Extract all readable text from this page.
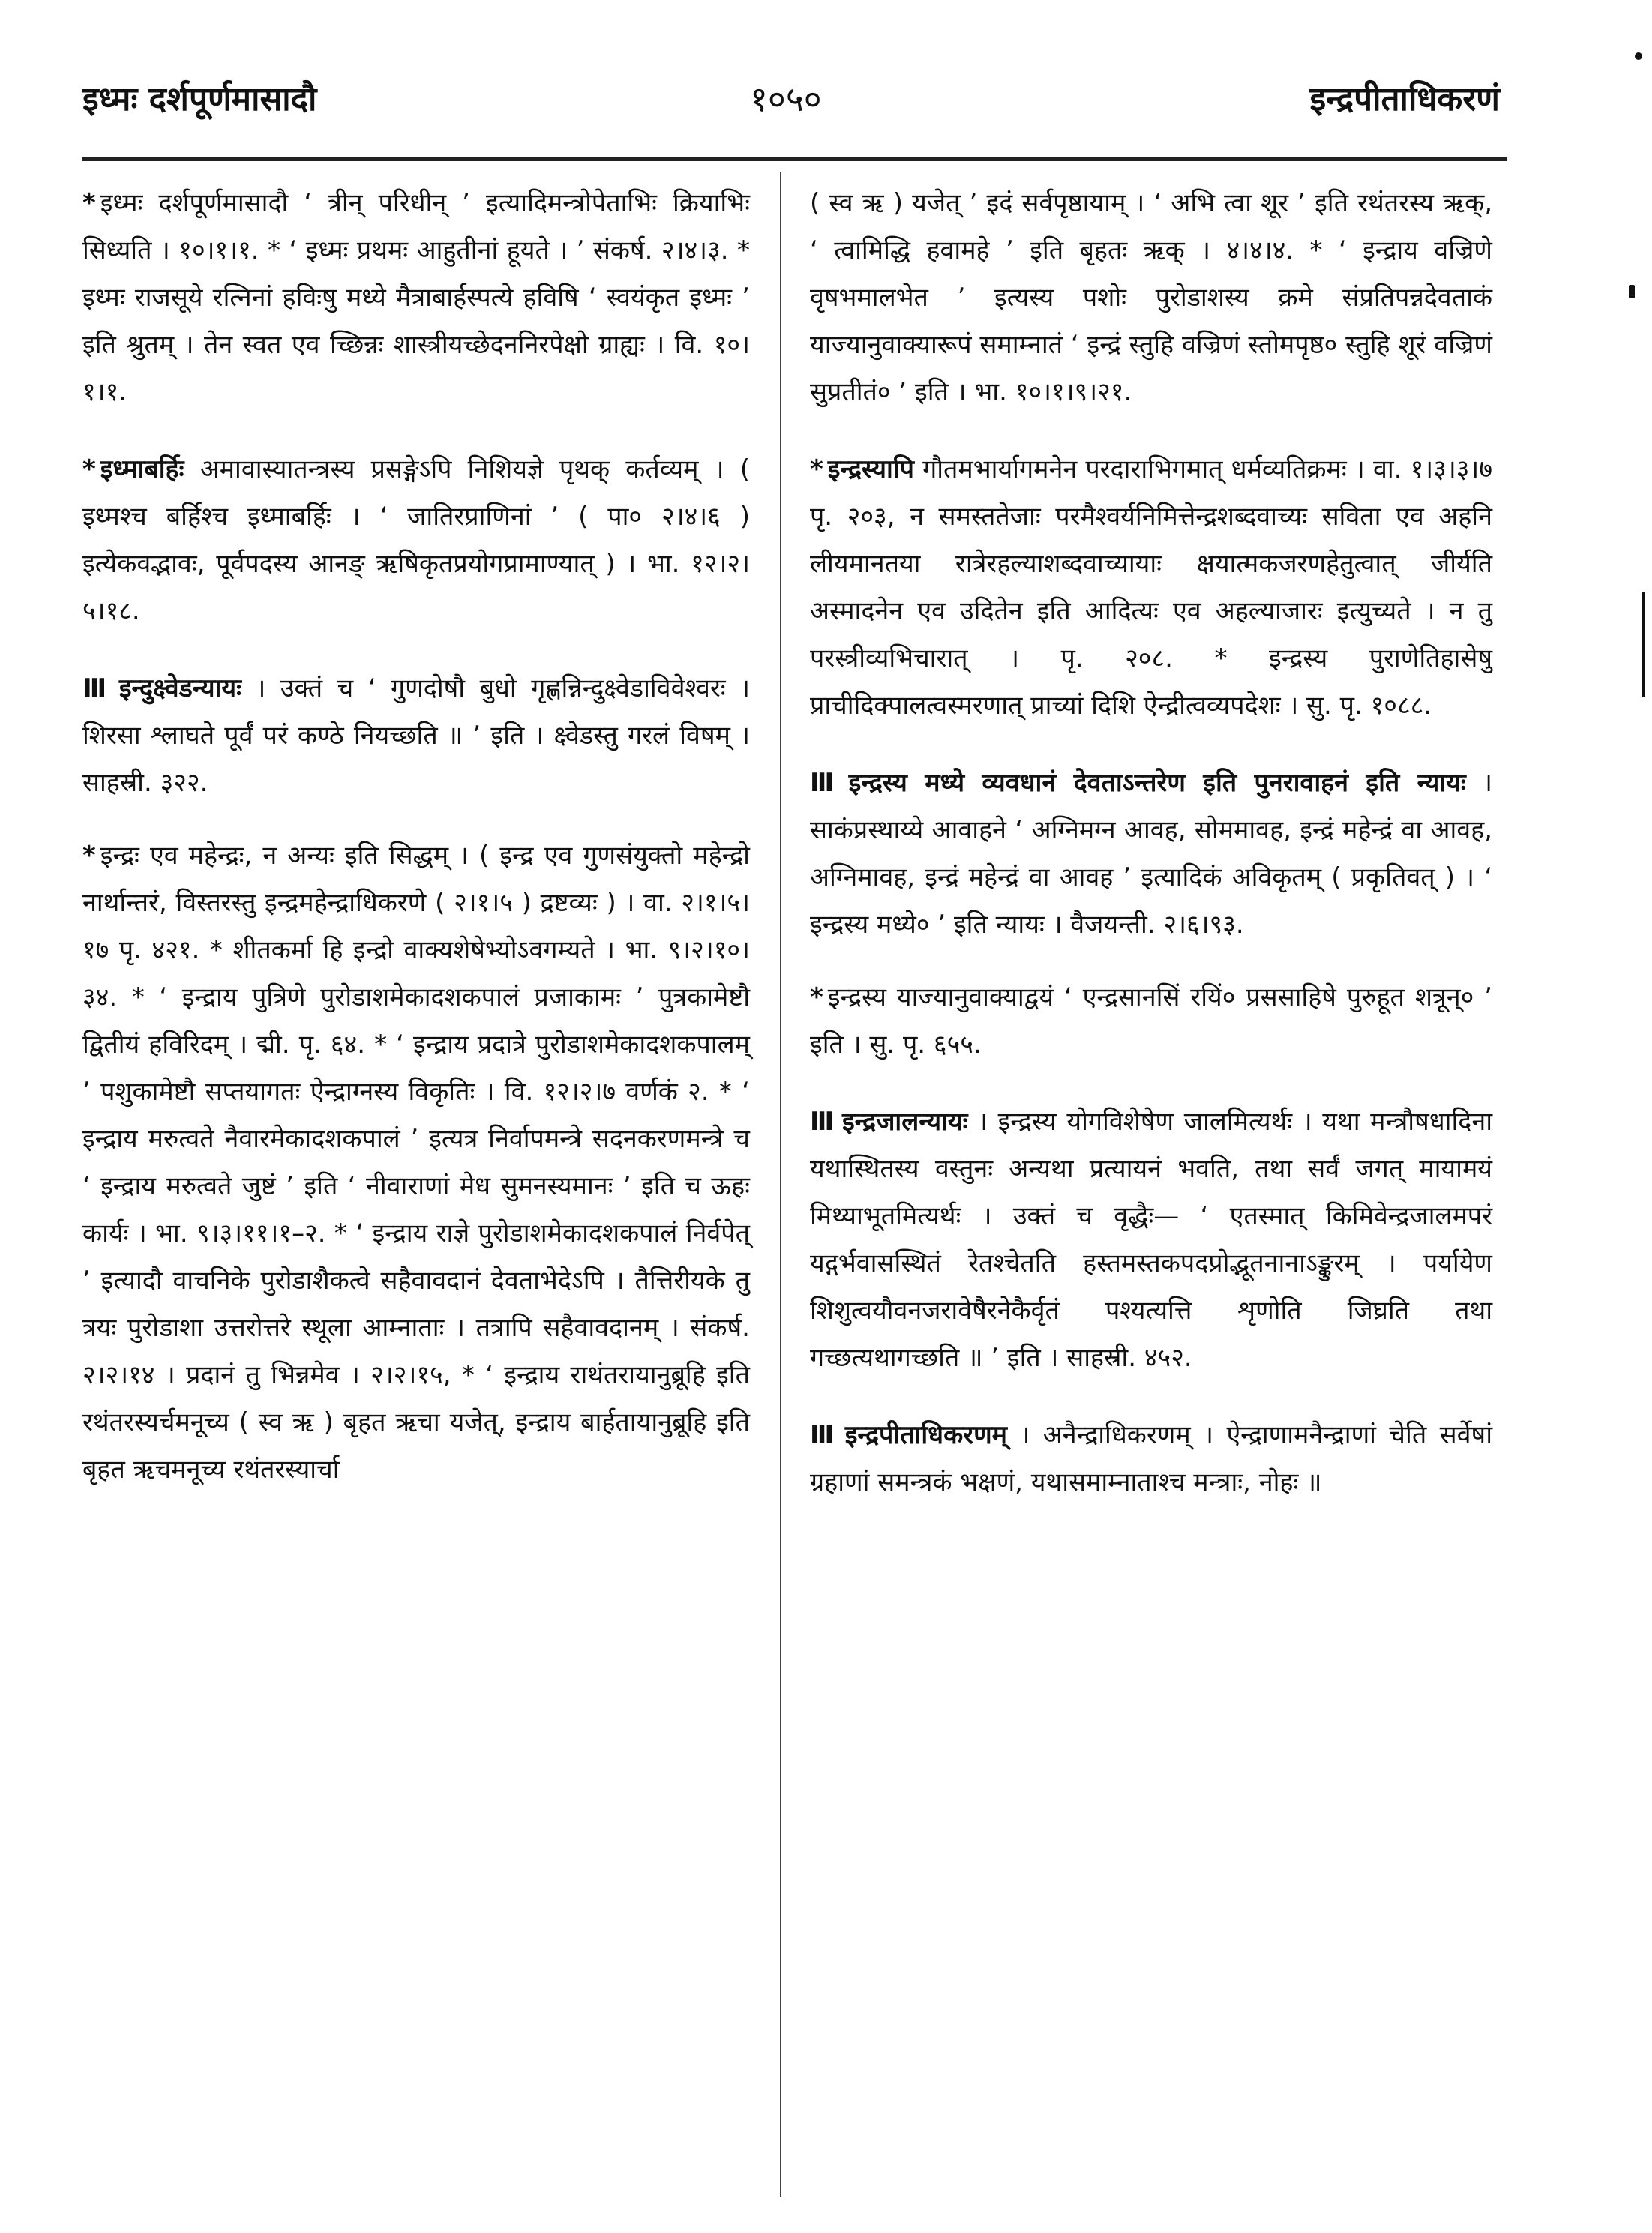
इध्मः दर्शपूर्णमासादौ	१०५०	इन्द्रपीताधिकरणं

* इध्मः दर्शपूर्णमासादौ ‘ त्रीन् परिधीन् ’ इत्यादिमन्त्रोपेताभिः क्रियाभिः सिध्यति । १०।१।१. * ‘ इध्मः प्रथमः आहुतीनां हूयते । ’ संकर्ष. २।४।३. * इध्मः राजसूये रत्निनां हविःषु मध्ये मैत्राबार्हस्पत्ये हविषि ‘ स्वयंकृत इध्मः ’ इति श्रुतम् । तेन स्वत एव च्छिन्नः शास्त्रीयच्छेदननिरपेक्षो ग्राह्यः । वि. १०।१।१.

* इध्माबर्हिः अमावास्यातन्त्रस्य प्रसङ्गेऽपि निशियज्ञे पृथक् कर्तव्यम् । ( इध्मश्च बर्हिश्च इध्माबर्हिः । ‘ जातिरप्राणिनां ’ ( पा० २।४।६ ) इत्येकवद्भावः, पूर्वपदस्य आनङ् ऋषिकृतप्रयोगप्रामाण्यात् ) । भा. १२।२।५।१८.

Ⅲ इन्दुक्ष्वेडन्यायः । उक्तं च ‘ गुणदोषौ बुधो गृह्णन्निन्दुक्ष्वेडाविवेश्वरः । शिरसा श्लाघते पूर्वं परं कण्ठे नियच्छति ॥ ’ इति । क्ष्वेडस्तु गरलं विषम् । साहस्री. ३२२.

* इन्द्रः एव महेन्द्रः, न अन्यः इति सिद्धम् । ( इन्द्र एव गुणसंयुक्तो महेन्द्रो नार्थान्तरं, विस्तरस्तु इन्द्रमहेन्द्राधिकरणे ( २।१।५ ) द्रष्टव्यः ) । वा. २।१।५।१७ पृ. ४२१. * शीतकर्मा हि इन्द्रो वाक्यशेषेभ्योऽवगम्यते । भा. ९।२।१०।३४. * ‘ इन्द्राय पुत्रिणे पुरोडाशमेकादशकपालं प्रजाकामः ’ पुत्रकामेष्टौ द्वितीयं हविरिदम् । द्मी. पृ. ६४. * ‘ इन्द्राय प्रदात्रे पुरोडाशमेकादशकपालम् ’ पशुकामेष्टौ सप्तयागतः ऐन्द्राग्नस्य विकृतिः । वि. १२।२।७ वर्णकं २. * ‘ इन्द्राय मरुत्वते नैवारमेकादशकपालं ’ इत्यत्र निर्वापमन्त्रे सदनकरणमन्त्रे च ‘ इन्द्राय मरुत्वते जुष्टं ’ इति ‘ नीवाराणां मेध सुमनस्यमानः ’ इति च ऊहः कार्यः । भा. ९।३।११।१–२. * ‘ इन्द्राय राज्ञे पुरोडाशमेकादशकपालं निर्वपेत् ’ इत्यादौ वाचनिके पुरोडाशैकत्वे सहैवावदानं देवताभेदेऽपि । तैत्तिरीयके तु त्रयः पुरोडाशा उत्तरोत्तरे स्थूला आम्नाताः । तत्रापि सहैवावदानम् । संकर्ष. २।२।१४ । प्रदानं तु भिन्नमेव । २।२।१५, * ‘ इन्द्राय राथंतरायानुब्रूहि इति रथंतरस्यर्चमनूच्य ( स्व ऋ ) बृहत ऋचा यजेत्, इन्द्राय बार्हतायानुब्रूहि इति बृहत ऋचमनूच्य रथंतरस्यार्चा

( स्व ऋ ) यजेत् ’ इदं सर्वपृष्ठायाम् । ‘ अभि त्वा शूर ’ इति रथंतरस्य ऋक्, ‘ त्वामिद्धि हवामहे ’ इति बृहतः ऋक् । ४।४।४. * ‘ इन्द्राय वज्रिणे वृषभमालभेत ’ इत्यस्य पशोः पुरोडाशस्य क्रमे संप्रतिपन्नदेवताकं याज्यानुवाक्यारूपं समाम्नातं ‘ इन्द्रं स्तुहि वज्रिणं स्तोमपृष्ठ० स्तुहि शूरं वज्रिणं सुप्रतीतं० ’ इति । भा. १०।१।९।२१.

* इन्द्रस्यापि गौतमभार्यागमनेन परदाराभिगमात् धर्मव्यतिक्रमः । वा. १।३।३।७ पृ. २०३, न समस्ततेजाः परमैश्वर्यनिमित्तेन्द्रशब्दवाच्यः सविता एव अहनि लीयमानतया रात्रेरहल्याशब्दवाच्यायाः क्षयात्मकजरणहेतुत्वात् जीर्यति अस्मादनेन एव उदितेन इति आदित्यः एव अहल्याजारः इत्युच्यते । न तु परस्त्रीव्यभिचारात् । पृ. २०८. * इन्द्रस्य पुराणेतिहासेषु प्राचीदिक्पालत्वस्मरणात् प्राच्यां दिशि ऐन्द्रीत्वव्यपदेशः । सु. पृ. १०८८.

Ⅲ इन्द्रस्य मध्ये व्यवधानं देवताऽन्तरेण इति पुनरावाहनं इति न्यायः । साकंप्रस्थाय्ये आवाहने ‘ अग्निमग्न आवह, सोममावह, इन्द्रं महेन्द्रं वा आवह, अग्निमावह, इन्द्रं महेन्द्रं वा आवह ’ इत्यादिकं अविकृतम् ( प्रकृतिवत् ) । ‘ इन्द्रस्य मध्ये० ’ इति न्यायः । वैजयन्ती. २।६।९३.

* इन्द्रस्य याज्यानुवाक्याद्वयं ‘ एन्द्रसानसिं रयिं० प्रससाहिषे पुरुहूत शत्रून्० ’ इति । सु. पृ. ६५५.

Ⅲ इन्द्रजालन्यायः । इन्द्रस्य योगविशेषेण जालमित्यर्थः । यथा मन्त्रौषधादिना यथास्थितस्य वस्तुनः अन्यथा प्रत्यायनं भवति, तथा सर्वं जगत् मायामयं मिथ्याभूतमित्यर्थः । उक्तं च वृद्धैः— ‘ एतस्मात् किमिवेन्द्रजालमपरं यद्गर्भवासस्थितं रेतश्चेतति हस्तमस्तकपदप्रोद्भूतनानाऽङ्कुरम् । पर्यायेण शिशुत्वयौवनजरावेषैरनेकैर्वृतं पश्यत्यत्ति शृणोति जिघ्रति तथा गच्छत्यथागच्छति ॥ ’ इति । साहस्री. ४५२.

Ⅲ इन्द्रपीताधिकरणम् । अनैन्द्राधिकरणम् । ऐन्द्राणामनैन्द्राणां चेति सर्वेषां ग्रहाणां समन्त्रकं भक्षणं, यथासमाम्नाताश्च मन्त्राः, नोहः ॥
